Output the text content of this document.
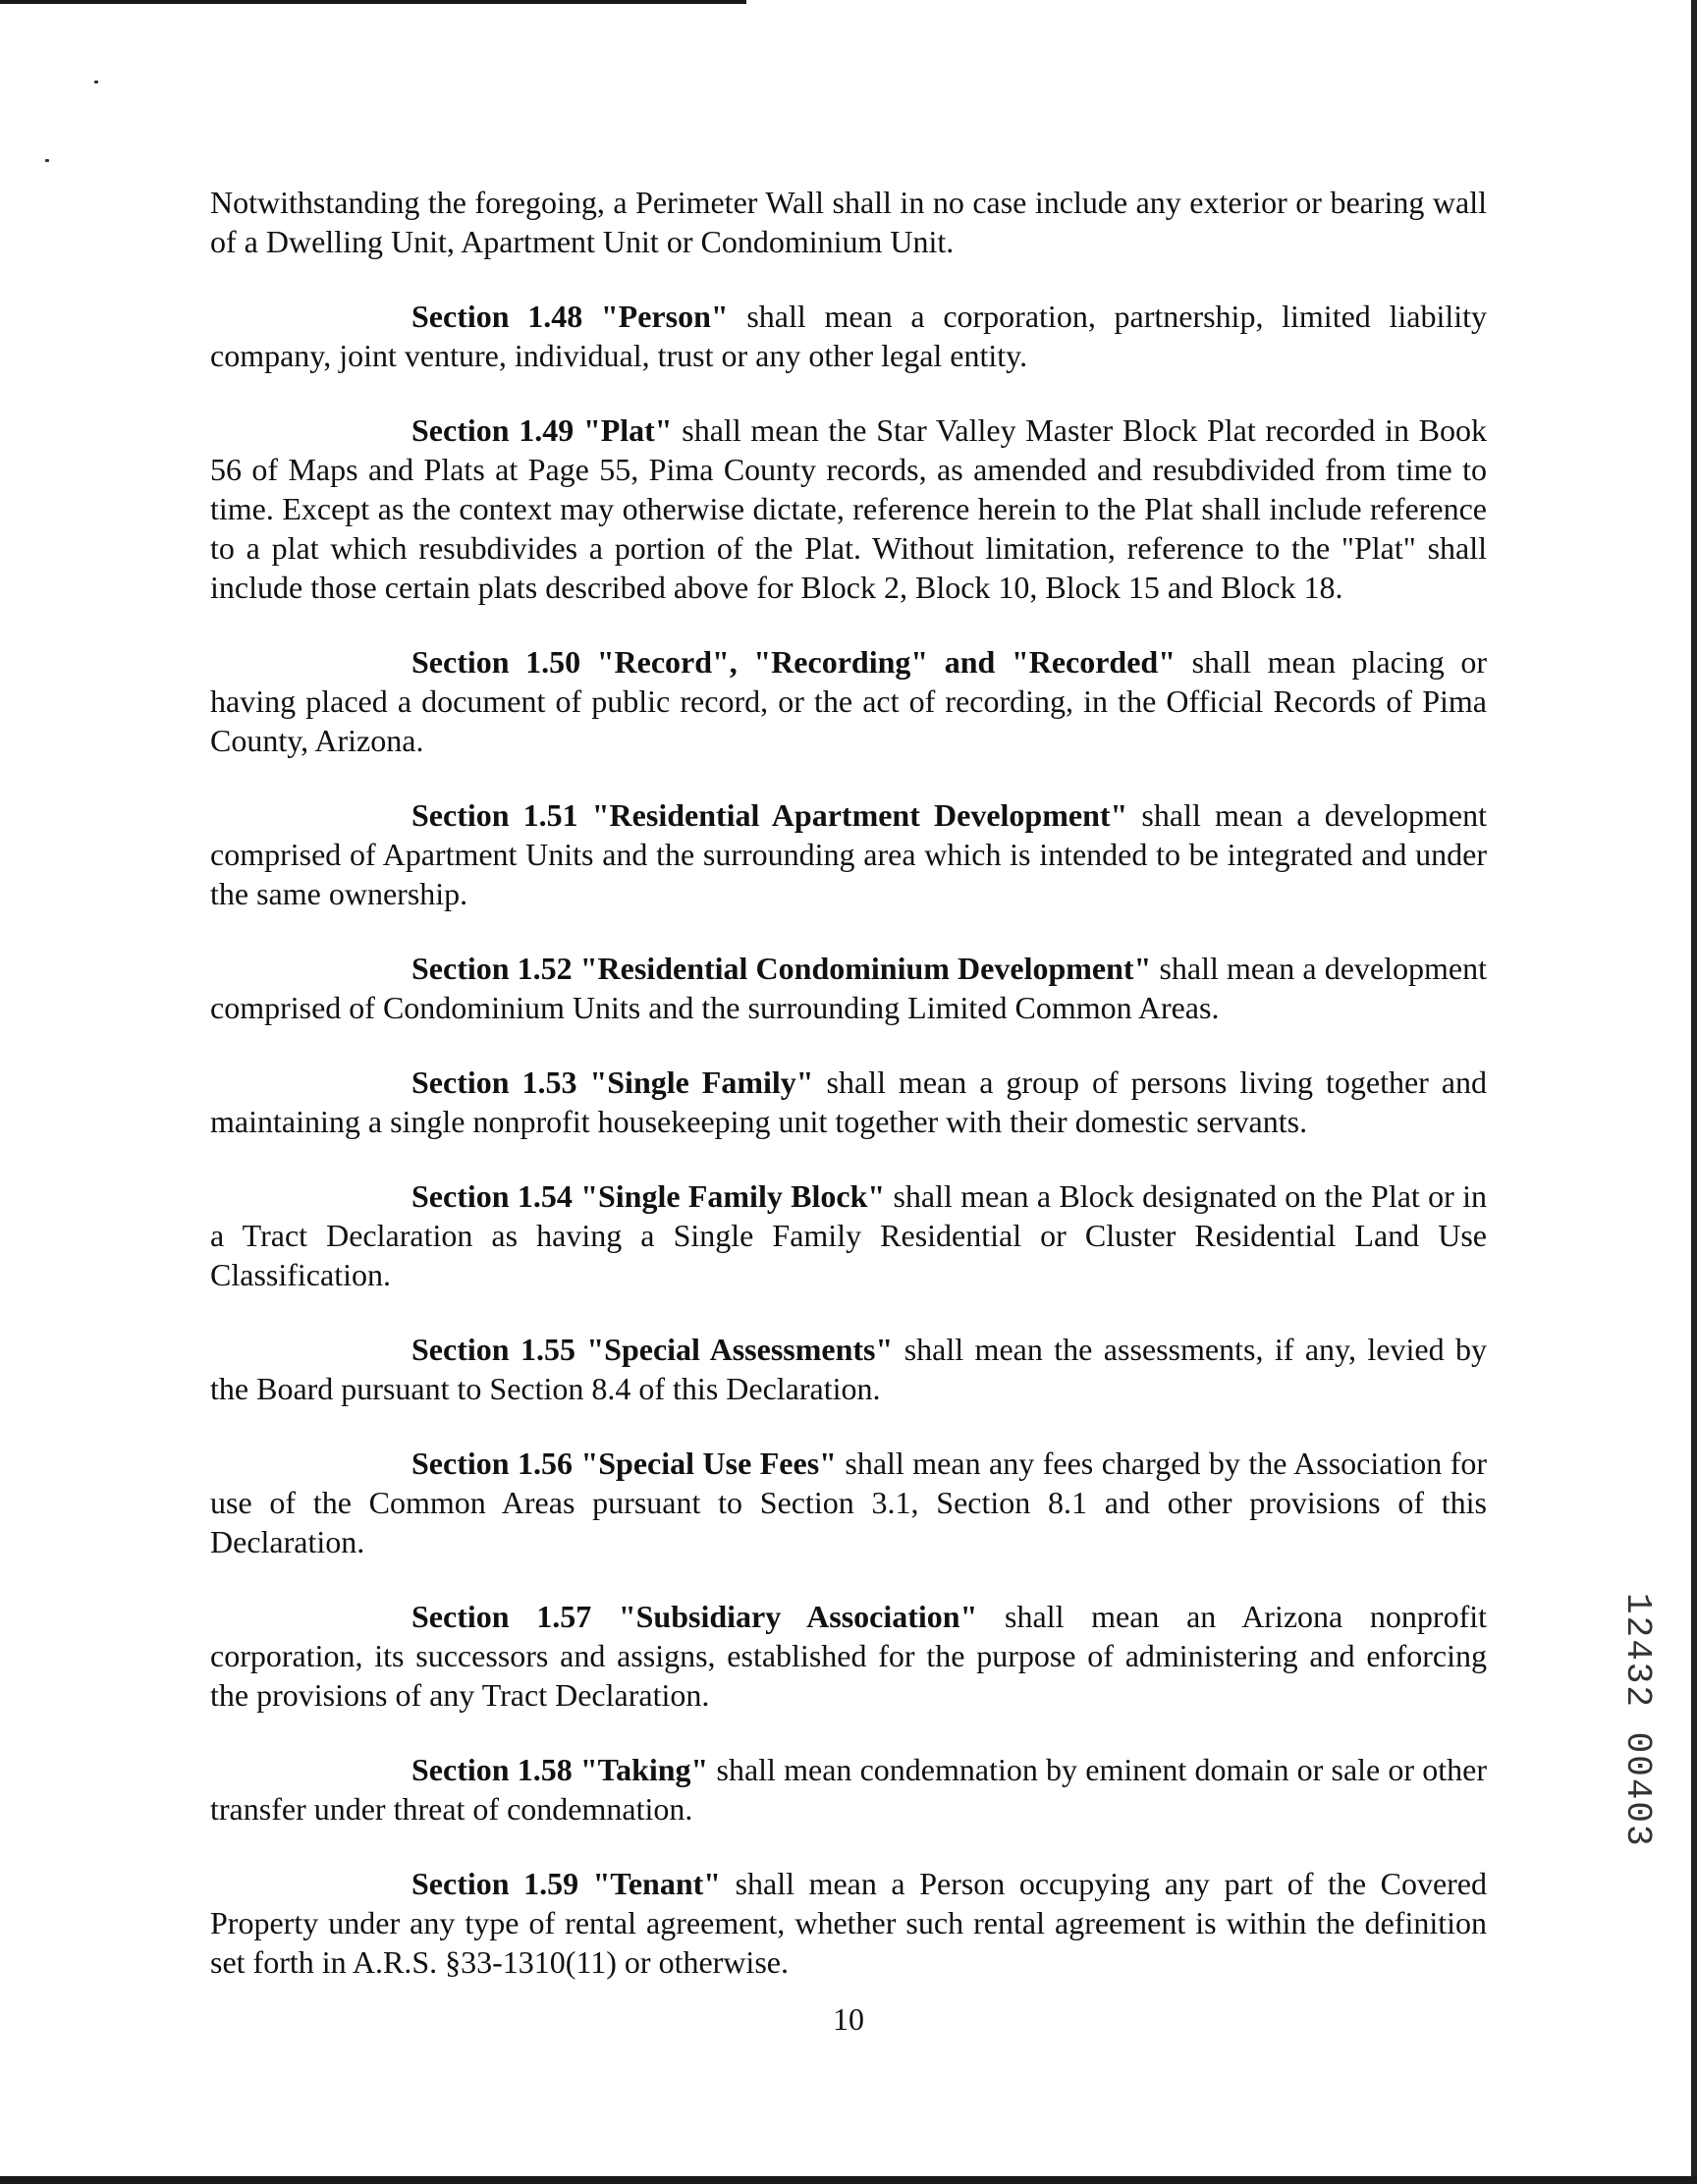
Notwithstanding the foregoing, a Perimeter Wall shall in no case include any exterior or bearing wall of a Dwelling Unit, Apartment Unit or Condominium Unit.

Section 1.48 "Person" shall mean a corporation, partnership, limited liability company, joint venture, individual, trust or any other legal entity.

Section 1.49 "Plat" shall mean the Star Valley Master Block Plat recorded in Book 56 of Maps and Plats at Page 55, Pima County records, as amended and resubdivided from time to time. Except as the context may otherwise dictate, reference herein to the Plat shall include reference to a plat which resubdivides a portion of the Plat. Without limitation, reference to the "Plat" shall include those certain plats described above for Block 2, Block 10, Block 15 and Block 18.

Section 1.50 "Record", "Recording" and "Recorded" shall mean placing or having placed a document of public record, or the act of recording, in the Official Records of Pima County, Arizona.

Section 1.51 "Residential Apartment Development" shall mean a development comprised of Apartment Units and the surrounding area which is intended to be integrated and under the same ownership.

Section 1.52 "Residential Condominium Development" shall mean a development comprised of Condominium Units and the surrounding Limited Common Areas.

Section 1.53 "Single Family" shall mean a group of persons living together and maintaining a single nonprofit housekeeping unit together with their domestic servants.

Section 1.54 "Single Family Block" shall mean a Block designated on the Plat or in a Tract Declaration as having a Single Family Residential or Cluster Residential Land Use Classification.

Section 1.55 "Special Assessments" shall mean the assessments, if any, levied by the Board pursuant to Section 8.4 of this Declaration.

Section 1.56 "Special Use Fees" shall mean any fees charged by the Association for use of the Common Areas pursuant to Section 3.1, Section 8.1 and other provisions of this Declaration.

Section 1.57 "Subsidiary Association" shall mean an Arizona nonprofit corporation, its successors and assigns, established for the purpose of administering and enforcing the provisions of any Tract Declaration.

Section 1.58 "Taking" shall mean condemnation by eminent domain or sale or other transfer under threat of condemnation.

Section 1.59 "Tenant" shall mean a Person occupying any part of the Covered Property under any type of rental agreement, whether such rental agreement is within the definition set forth in A.R.S. §33-1310(11) or otherwise.

10
12432 00403
